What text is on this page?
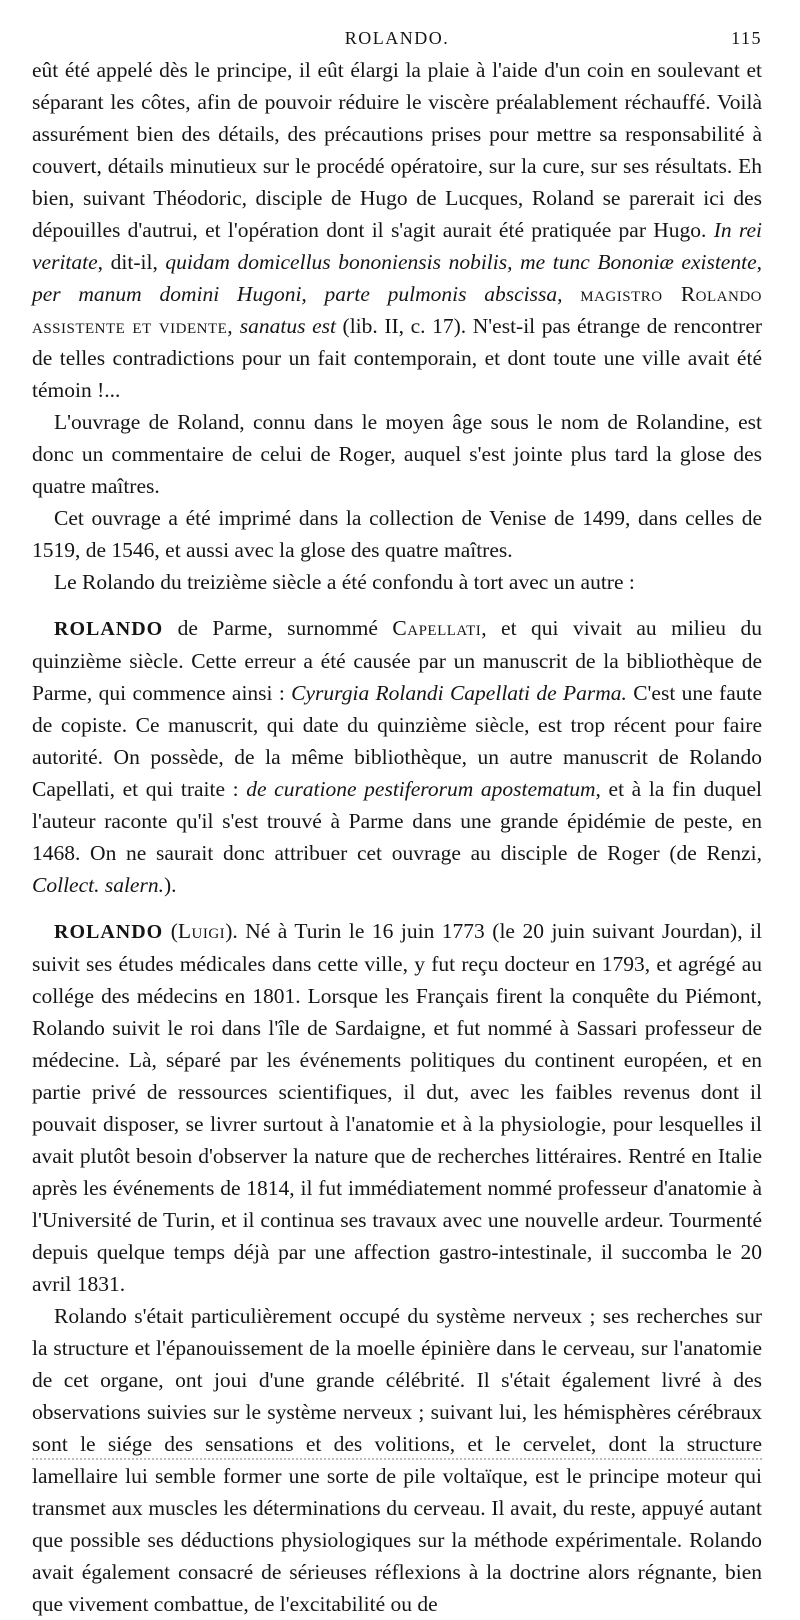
ROLANDO.	115

eût été appelé dès le principe, il eût élargi la plaie à l'aide d'un coin en soulevant et séparant les côtes, afin de pouvoir réduire le viscère préalablement réchauffé. Voilà assurément bien des détails, des précautions prises pour mettre sa responsabilité à couvert, détails minutieux sur le procédé opératoire, sur la cure, sur ses résultats. Eh bien, suivant Théodoric, disciple de Hugo de Lucques, Roland se parerait ici des dépouilles d'autrui, et l'opération dont il s'agit aurait été pratiquée par Hugo. In rei veritate, dit-il, quidam domicellus bononiensis nobilis, me tunc Bononiæ existente, per manum domini Hugoni, parte pulmonis abscissa, magistro Rolando assistente et vidente, sanatus est (lib. II, c. 17). N'est-il pas étrange de rencontrer de telles contradictions pour un fait contemporain, et dont toute une ville avait été témoin !...

L'ouvrage de Roland, connu dans le moyen âge sous le nom de Rolandine, est donc un commentaire de celui de Roger, auquel s'est jointe plus tard la glose des quatre maîtres.

Cet ouvrage a été imprimé dans la collection de Venise de 1499, dans celles de 1519, de 1546, et aussi avec la glose des quatre maîtres.

Le Rolando du treizième siècle a été confondu à tort avec un autre :

ROLANDO de Parme, surnommé Capellati, et qui vivait au milieu du quinzième siècle. Cette erreur a été causée par un manuscrit de la bibliothèque de Parme, qui commence ainsi : Cyrurgia Rolandi Capellati de Parma. C'est une faute de copiste. Ce manuscrit, qui date du quinzième siècle, est trop récent pour faire autorité. On possède, de la même bibliothèque, un autre manuscrit de Rolando Capellati, et qui traite : de curatione pestiferorum apostematum, et à la fin duquel l'auteur raconte qu'il s'est trouvé à Parme dans une grande épidémie de peste, en 1468. On ne saurait donc attribuer cet ouvrage au disciple de Roger (de Renzi, Collect. salern.).

ROLANDO (Luigi). Né à Turin le 16 juin 1773 (le 20 juin suivant Jourdan), il suivit ses études médicales dans cette ville, y fut reçu docteur en 1793, et agrégé au collége des médecins en 1801. Lorsque les Français firent la conquête du Piémont, Rolando suivit le roi dans l'île de Sardaigne, et fut nommé à Sassari professeur de médecine. Là, séparé par les événements politiques du continent européen, et en partie privé de ressources scientifiques, il dut, avec les faibles revenus dont il pouvait disposer, se livrer surtout à l'anatomie et à la physiologie, pour lesquelles il avait plutôt besoin d'observer la nature que de recherches littéraires. Rentré en Italie après les événements de 1814, il fut immédiatement nommé professeur d'anatomie à l'Université de Turin, et il continua ses travaux avec une nouvelle ardeur. Tourmenté depuis quelque temps déjà par une affection gastro-intestinale, il succomba le 20 avril 1831.

Rolando s'était particulièrement occupé du système nerveux ; ses recherches sur la structure et l'épanouissement de la moelle épinière dans le cerveau, sur l'anatomie de cet organe, ont joui d'une grande célébrité. Il s'était également livré à des observations suivies sur le système nerveux ; suivant lui, les hémisphères cérébraux sont le siége des sensations et des volitions, et le cervelet, dont la structure lamellaire lui semble former une sorte de pile voltaïque, est le principe moteur qui transmet aux muscles les déterminations du cerveau. Il avait, du reste, appuyé autant que possible ses déductions physiologiques sur la méthode expérimentale. Rolando avait également consacré de sérieuses réflexions à la doctrine alors régnante, bien que vivement combattue, de l'excitabilité ou de
